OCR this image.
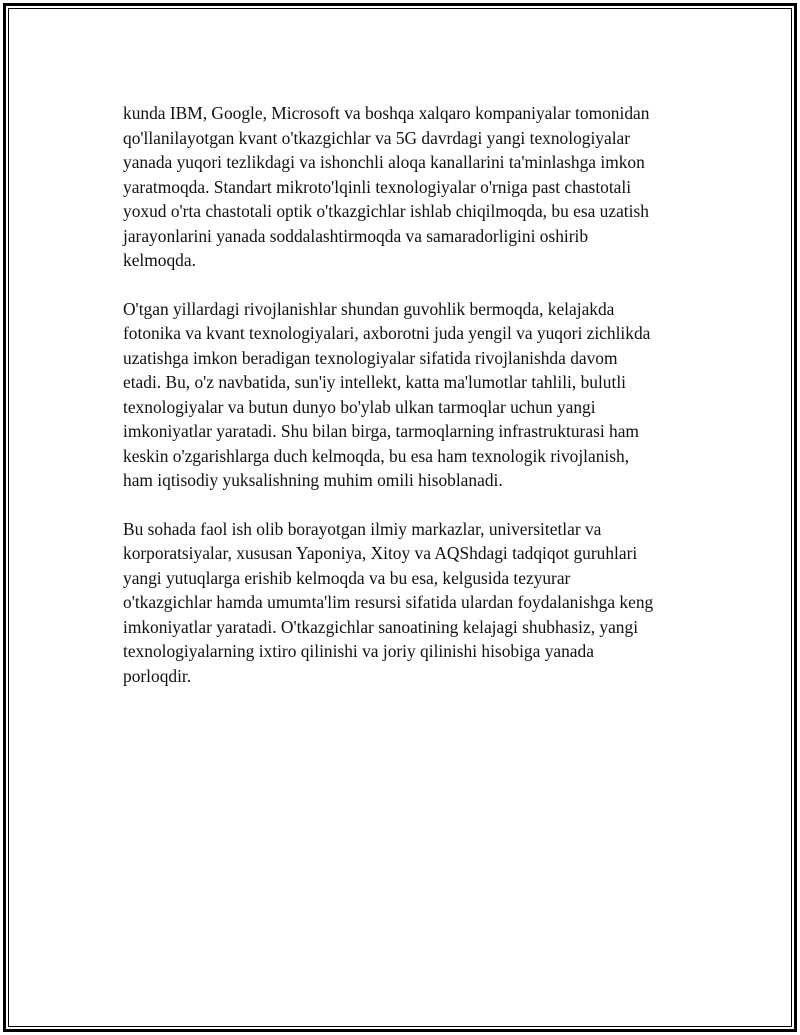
kunda IBM, Google, Microsoft va boshqa xalqaro kompaniyalar tomonidan
qo'llanilayotgan kvant o'tkazgichlar va 5G davrdagi yangi texnologiyalar
yanada yuqori tezlikdagi va ishonchli aloqa kanallarini ta'minlashga imkon
yaratmoqda. Standart mikroto'lqinli texnologiyalar o'rniga past chastotali
yoxud o'rta chastotali optik o'tkazgichlar ishlab chiqilmoqda, bu esa uzatish
jarayonlarini yanada soddalashtirmoqda va samaradorligini oshirib
kelmoqda.

O'tgan yillardagi rivojlanishlar shundan guvohlik bermoqda, kelajakda
fotonika va kvant texnologiyalari, axborotni juda yengil va yuqori zichlikda
uzatishga imkon beradigan texnologiyalar sifatida rivojlanishda davom
etadi. Bu, o'z navbatida, sun'iy intellekt, katta ma'lumotlar tahlili, bulutli
texnologiyalar va butun dunyo bo'ylab ulkan tarmoqlar uchun yangi
imkoniyatlar yaratadi. Shu bilan birga, tarmoqlarning infrastrukturasi ham
keskin o'zgarishlarga duch kelmoqda, bu esa ham texnologik rivojlanish,
ham iqtisodiy yuksalishning muhim omili hisoblanadi.

Bu sohada faol ish olib borayotgan ilmiy markazlar, universitetlar va
korporatsiyalar, xususan Yaponiya, Xitoy va AQShdagi tadqiqot guruhlari
yangi yutuqlarga erishib kelmoqda va bu esa, kelgusida tezyurar
o'tkazgichlar hamda umumta'lim resursi sifatida ulardan foydalanishga keng
imkoniyatlar yaratadi. O'tkazgichlar sanoatining kelajagi shubhasiz, yangi
texnologiyalarning ixtiro qilinishi va joriy qilinishi hisobiga yanada
porloqdir.
